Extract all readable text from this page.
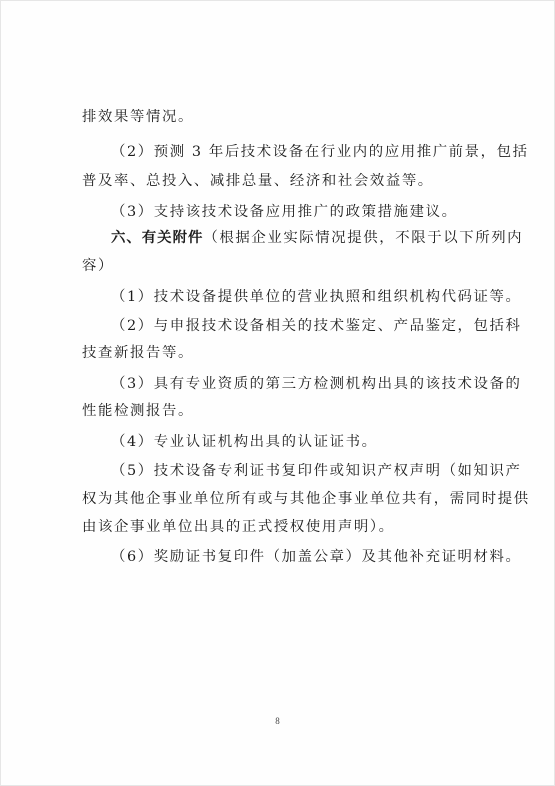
排效果等情况。
（2）预测 3 年后技术设备在行业内的应用推广前景，包括
普及率、总投入、减排总量、经济和社会效益等。
（3）支持该技术设备应用推广的政策措施建议。
六、有关附件（根据企业实际情况提供，不限于以下所列内
容）
（1）技术设备提供单位的营业执照和组织机构代码证等。
（2）与申报技术设备相关的技术鉴定、产品鉴定，包括科
技查新报告等。
（3）具有专业资质的第三方检测机构出具的该技术设备的
性能检测报告。
（4）专业认证机构出具的认证证书。
（5）技术设备专利证书复印件或知识产权声明（如知识产
权为其他企事业单位所有或与其他企事业单位共有，需同时提供
由该企事业单位出具的正式授权使用声明）。
（6）奖励证书复印件（加盖公章）及其他补充证明材料。
8
